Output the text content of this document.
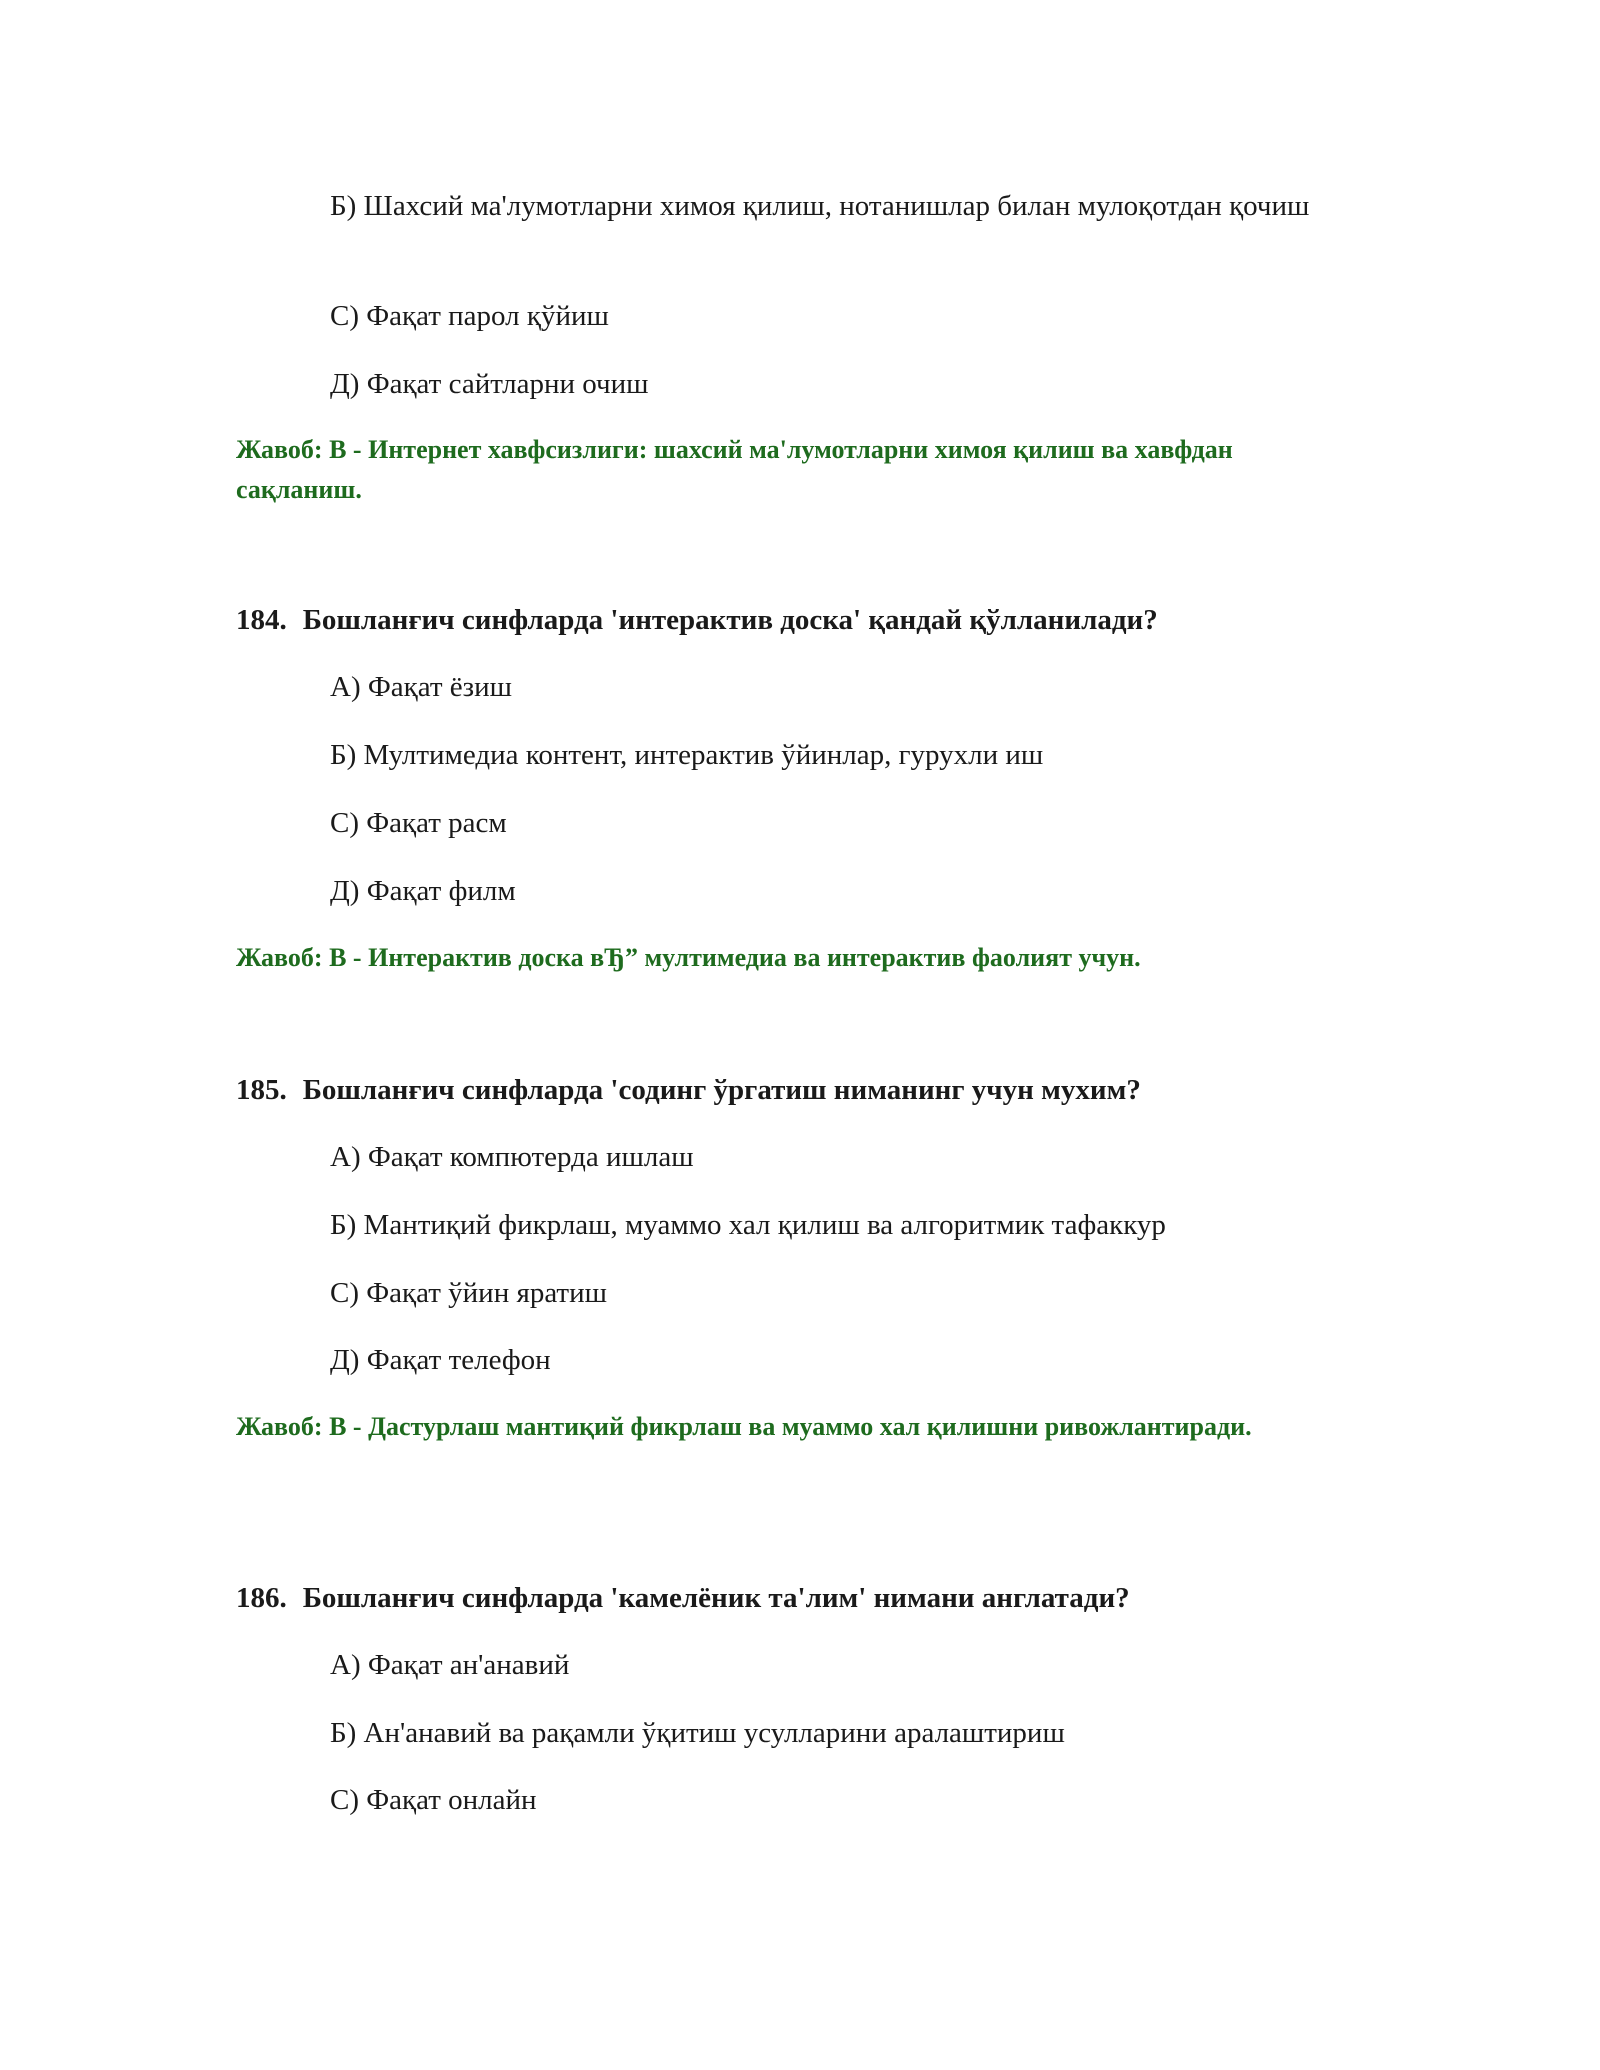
Б) Шахсий ма'лумотларни химоя қилиш, нотанишлар билан мулоқотдан қочиш

С) Фақат парол қўйиш

Д) Фақат сайтларни очиш

Жавоб: В - Интернет хавфсизлиги: шахсий ма'лумотларни химоя қилиш ва хавфдан сақланиш.

184. Бошланғич синфларда 'интерактив доска' қандай қўлланилади?

А) Фақат ёзиш

Б) Мултимедиа контент, интерактив ўйинлар, гурухли иш

С) Фақат расм

Д) Фақат филм

Жавоб: В - Интерактив доска вЂ” мултимедиа ва интерактив фаолият учун.

185. Бошланғич синфларда 'содинг ўргатиш ниманинг учун мухим?

А) Фақат компютерда ишлаш

Б) Мантиқий фикрлаш, муаммо хал қилиш ва алгоритмик тафаккур

С) Фақат ўйин яратиш

Д) Фақат телефон

Жавоб: В - Дастурлаш мантиқий фикрлаш ва муаммо хал қилишни ривожлантиради.

186. Бошланғич синфларда 'камелёник та'лим' нимани англатади?

А) Фақат ан'анавий

Б) Ан'анавий ва рақамли ўқитиш усулларини аралаштириш

С) Фақат онлайн
